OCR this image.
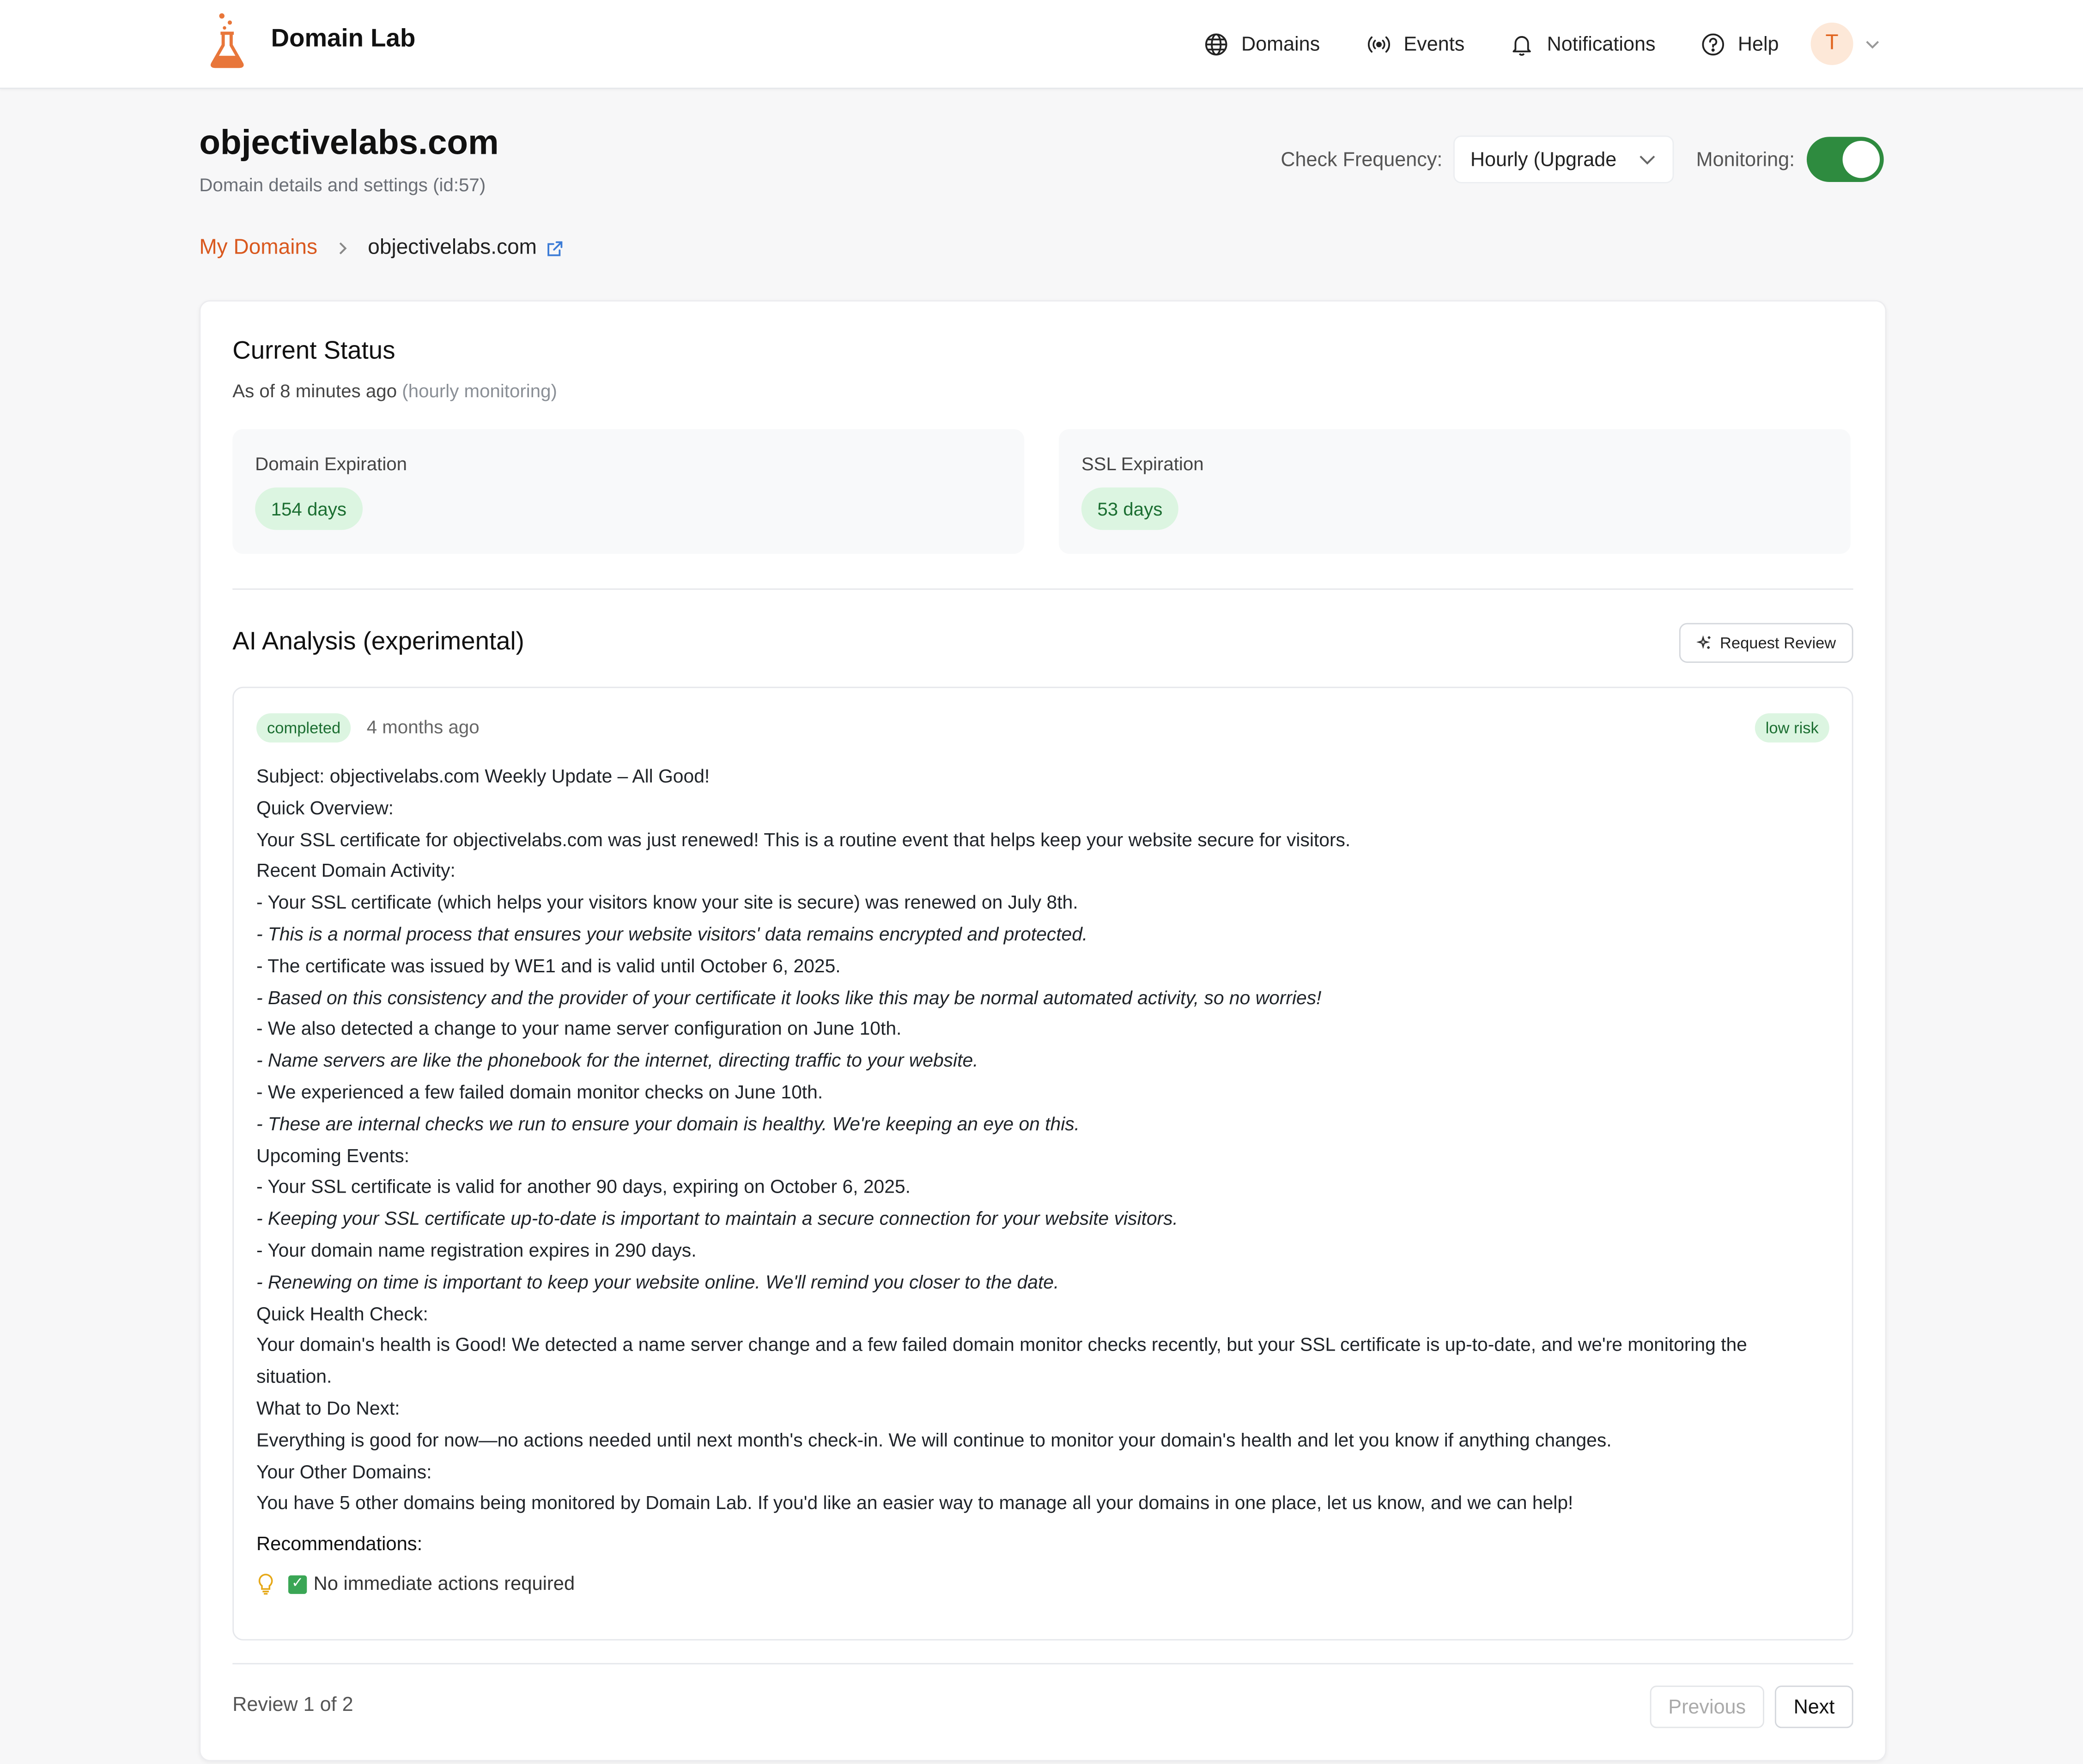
Domain Lab	Domains	Events	Notifications	Help	T
objectivelabs.com
Domain details and settings (id:57)
Check Frequency:	Hourly (Upgrade	Monitoring:
My Domains	objectivelabs.com
Current Status
As of 8 minutes ago (hourly monitoring)
Domain Expiration
154 days
SSL Expiration
53 days
AI Analysis (experimental)	Request Review
completed	4 months ago	low risk
Subject: objectivelabs.com Weekly Update – All Good!
Quick Overview:
Your SSL certificate for objectivelabs.com was just renewed! This is a routine event that helps keep your website secure for visitors.
Recent Domain Activity:
- Your SSL certificate (which helps your visitors know your site is secure) was renewed on July 8th.
- This is a normal process that ensures your website visitors' data remains encrypted and protected.
- The certificate was issued by WE1 and is valid until October 6, 2025.
- Based on this consistency and the provider of your certificate it looks like this may be normal automated activity, so no worries!
- We also detected a change to your name server configuration on June 10th.
- Name servers are like the phonebook for the internet, directing traffic to your website.
- We experienced a few failed domain monitor checks on June 10th.
- These are internal checks we run to ensure your domain is healthy. We're keeping an eye on this.
Upcoming Events:
- Your SSL certificate is valid for another 90 days, expiring on October 6, 2025.
- Keeping your SSL certificate up-to-date is important to maintain a secure connection for your website visitors.
- Your domain name registration expires in 290 days.
- Renewing on time is important to keep your website online. We'll remind you closer to the date.
Quick Health Check:
Your domain's health is Good! We detected a name server change and a few failed domain monitor checks recently, but your SSL certificate is up-to-date, and we're monitoring the situation.
What to Do Next:
Everything is good for now—no actions needed until next month's check-in. We will continue to monitor your domain's health and let you know if anything changes.
Your Other Domains:
You have 5 other domains being monitored by Domain Lab. If you'd like an easier way to manage all your domains in one place, let us know, and we can help!
Recommendations:
✓	No immediate actions required
Review 1 of 2	Previous	Next
